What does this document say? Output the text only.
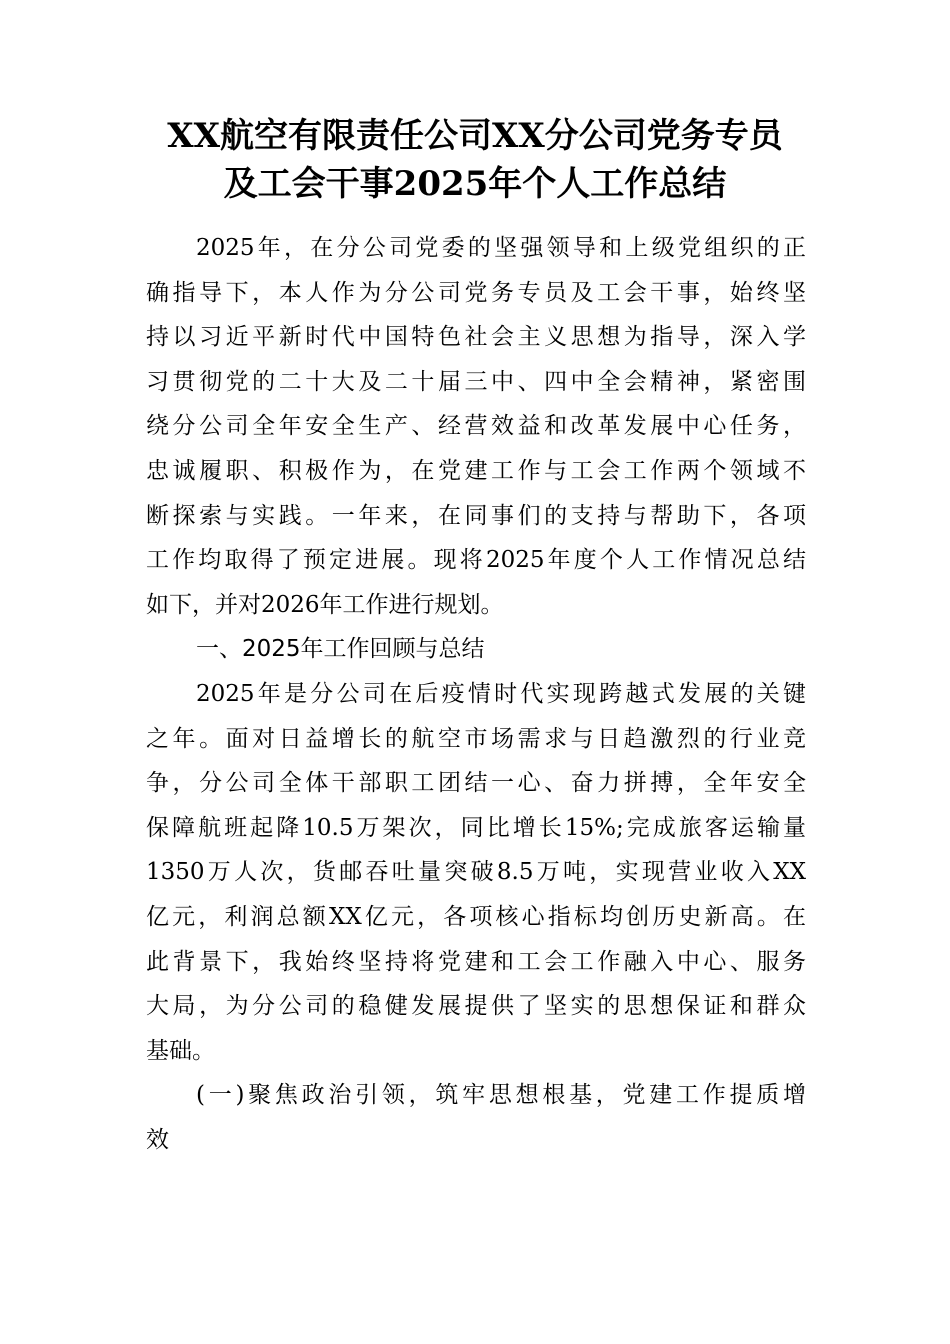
XX航空有限责任公司XX分公司党务专员
及工会干事2025年个人工作总结
2025年，在分公司党委的坚强领导和上级党组织的正
确指导下，本人作为分公司党务专员及工会干事，始终坚
持以习近平新时代中国特色社会主义思想为指导，深入学
习贯彻党的二十大及二十届三中、四中全会精神，紧密围
绕分公司全年安全生产、经营效益和改革发展中心任务，
忠诚履职、积极作为，在党建工作与工会工作两个领域不
断探索与实践。一年来，在同事们的支持与帮助下，各项
工作均取得了预定进展。现将2025年度个人工作情况总结
如下，并对2026年工作进行规划。
一、2025年工作回顾与总结
2025年是分公司在后疫情时代实现跨越式发展的关键
之年。面对日益增长的航空市场需求与日趋激烈的行业竞
争，分公司全体干部职工团结一心、奋力拼搏，全年安全
保障航班起降10.5万架次，同比增长15%;完成旅客运输量
1350万人次，货邮吞吐量突破8.5万吨，实现营业收入XX
亿元，利润总额XX亿元，各项核心指标均创历史新高。在
此背景下，我始终坚持将党建和工会工作融入中心、服务
大局，为分公司的稳健发展提供了坚实的思想保证和群众
基础。
(一)聚焦政治引领，筑牢思想根基，党建工作提质增
效
